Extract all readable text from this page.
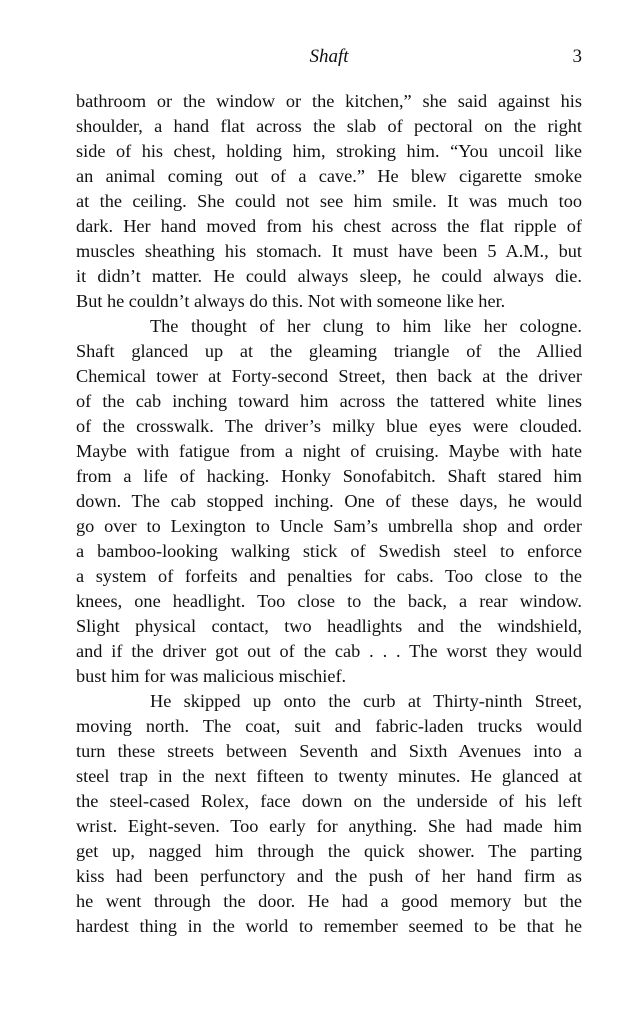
Shaft	3
bathroom or the window or the kitchen,” she said against his
shoulder, a hand flat across the slab of pectoral on the right
side of his chest, holding him, stroking him. “You uncoil like
an animal coming out of a cave.” He blew cigarette smoke
at the ceiling. She could not see him smile. It was much too
dark. Her hand moved from his chest across the flat ripple of
muscles sheathing his stomach. It must have been 5 A.M., but
it didn’t matter. He could always sleep, he could always die.
But he couldn’t always do this. Not with someone like her.
The thought of her clung to him like her cologne.
Shaft glanced up at the gleaming triangle of the Allied
Chemical tower at Forty-second Street, then back at the driver
of the cab inching toward him across the tattered white lines
of the crosswalk. The driver’s milky blue eyes were clouded.
Maybe with fatigue from a night of cruising. Maybe with hate
from a life of hacking. Honky Sonofabitch. Shaft stared him
down. The cab stopped inching. One of these days, he would
go over to Lexington to Uncle Sam’s umbrella shop and order
a bamboo-looking walking stick of Swedish steel to enforce
a system of forfeits and penalties for cabs. Too close to the
knees, one headlight. Too close to the back, a rear window.
Slight physical contact, two headlights and the windshield,
and if the driver got out of the cab . . . The worst they would
bust him for was malicious mischief.
He skipped up onto the curb at Thirty-ninth Street,
moving north. The coat, suit and fabric-laden trucks would
turn these streets between Seventh and Sixth Avenues into a
steel trap in the next fifteen to twenty minutes. He glanced at
the steel-cased Rolex, face down on the underside of his left
wrist. Eight-seven. Too early for anything. She had made him
get up, nagged him through the quick shower. The parting
kiss had been perfunctory and the push of her hand firm as
he went through the door. He had a good memory but the
hardest thing in the world to remember seemed to be that he
